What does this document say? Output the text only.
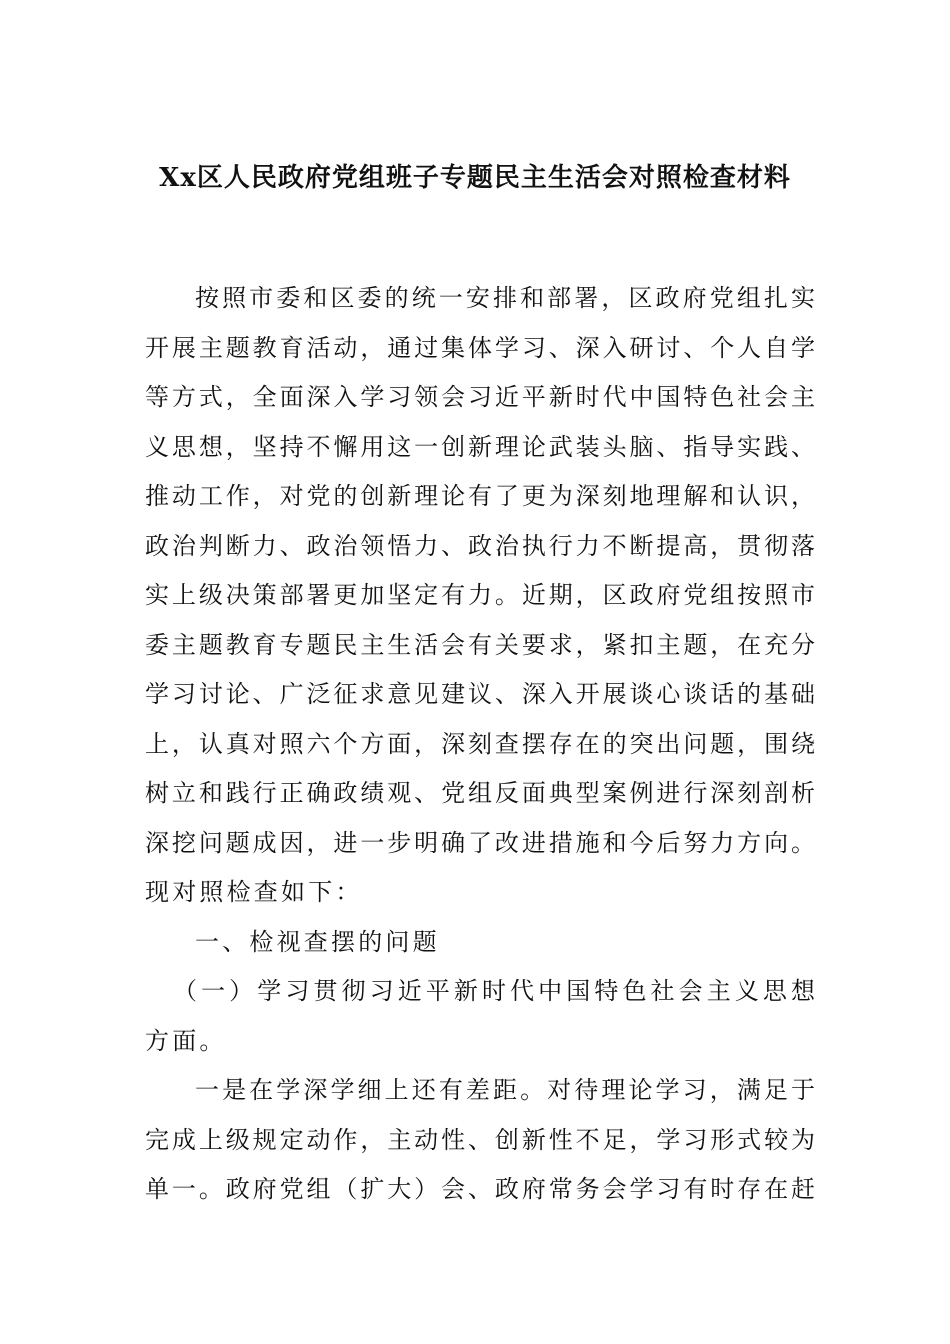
Xx区人民政府党组班子专题民主生活会对照检查材料
按照市委和区委的统一安排和部署，区政府党组扎实
开展主题教育活动，通过集体学习、深入研讨、个人自学
等方式，全面深入学习领会习近平新时代中国特色社会主
义思想，坚持不懈用这一创新理论武装头脑、指导实践、
推动工作，对党的创新理论有了更为深刻地理解和认识，
政治判断力、政治领悟力、政治执行力不断提高，贯彻落
实上级决策部署更加坚定有力。近期，区政府党组按照市
委主题教育专题民主生活会有关要求，紧扣主题，在充分
学习讨论、广泛征求意见建议、深入开展谈心谈话的基础
上，认真对照六个方面，深刻查摆存在的突出问题，围绕
树立和践行正确政绩观、党组反面典型案例进行深刻剖析
深挖问题成因，进一步明确了改进措施和今后努力方向。
现对照检查如下：
一、检视查摆的问题
（一）学习贯彻习近平新时代中国特色社会主义思想
方面。
一是在学深学细上还有差距。对待理论学习，满足于
完成上级规定动作，主动性、创新性不足，学习形式较为
单一。政府党组（扩大）会、政府常务会学习有时存在赶
